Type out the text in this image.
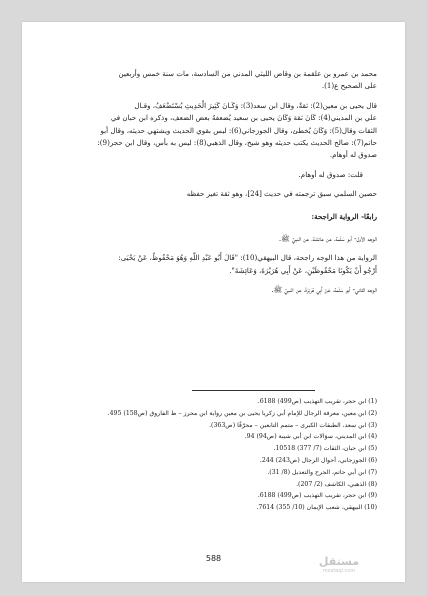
محمد بن عمرو بن علقمة بن وقاص الليثي المدني من السادسة، مات سنة خمس وأربعين

على الصحيح ع(1).

قال يحيى بن معين(2): ثقةٌ، وقال ابن سعد(3): وَكَـانَ كَثِيرَ الْحَدِيثِ يُسْتَضْعَفُ، وقـال

علي بن المديني(4): كَانَ ثقة وَكَانَ يحيى بن سعيد يُضعفهُ بعض الضعف، وذكره ابن حبان في

الثقات وقال(5): وَكَانَ يُخطئ، وقال الجوزجاني(6): ليس بقوي الحديث ويشتهي حديثه، وقال أبو

حاتم(7): صالح الحديث يكتب حديثه وهو شيخ، وقال الذهبي(8): ليس به بأس، وقال ابن حجر(9):

صدوق له أوهام.

قلت: صدوق له أوهام.

حصين السلمي سبق ترجمته في حديث [24]، وهو ثقة تغير حفظه

رابعًا- الرواية الراجحة:

الوجه الأول- أبو سَلَمة، عن عائشة، عن النبيِّ ﷺ.

الرواية من هذا الوجه راجحة، قال البيهقي(10): "قَالَ أَبُو عَبْدِ اللَّهِ وَهُوَ مَحْفُوظٌ، عَنْ يَحْيَى:

أَرْجُو أَنْ يَكُونَا مَحْفُوظَيْنِ، عَنْ أَبِي هُرَيْرَةَ، وَعَائِشَةَ".

الوجه الثاني- أبو سَلَمة، عَنْ أَبِي هُرَيْرَةَ، عن النبيِّ ﷺ.

(1) ابن حجر، تقريب التهذيب (ص499) 6188.
(2) ابن معين، معرفة الرجال للإمام أبي زكريا يحيى بن معين رواية ابن محرز – ط الفاروق (ص158) 495.
(3) ابن سعد، الطبقات الكبرى – متمم التابعين – محرّقًا (ص363).
(4) ابن المديني، سؤالات ابن أبي شيبة (ص94) 94.
(5) ابن حبان، الثقات (7/ 377) 10518.
(6) الجوزجاني، أحوال الرجال (ص243) 244.
(7) ابن أبي حاتم، الجرح والتعديل (8/ 31).
(8) الذهبي، الكاشف (2/ 207).
(9) ابن حجر، تقريب التهذيب (ص499) 6188.
(10) البيهقي، شعب الإيمان (10/ 355) 7614.
588	مستقل
mostaql.com
